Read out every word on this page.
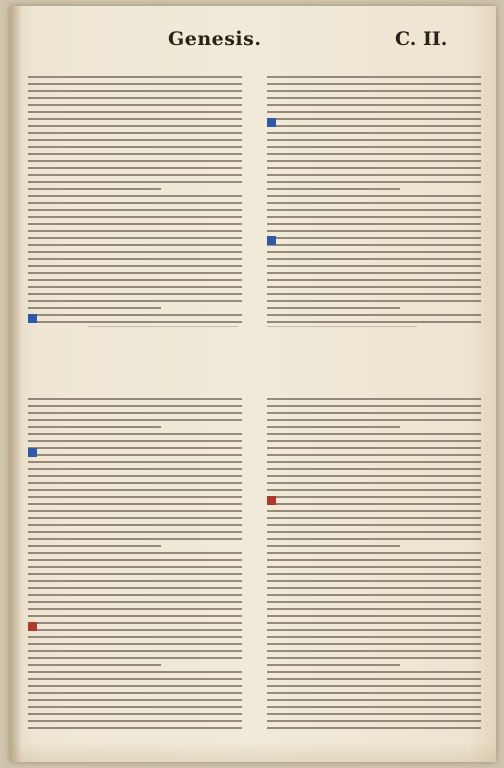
Genesis.	C. II.
